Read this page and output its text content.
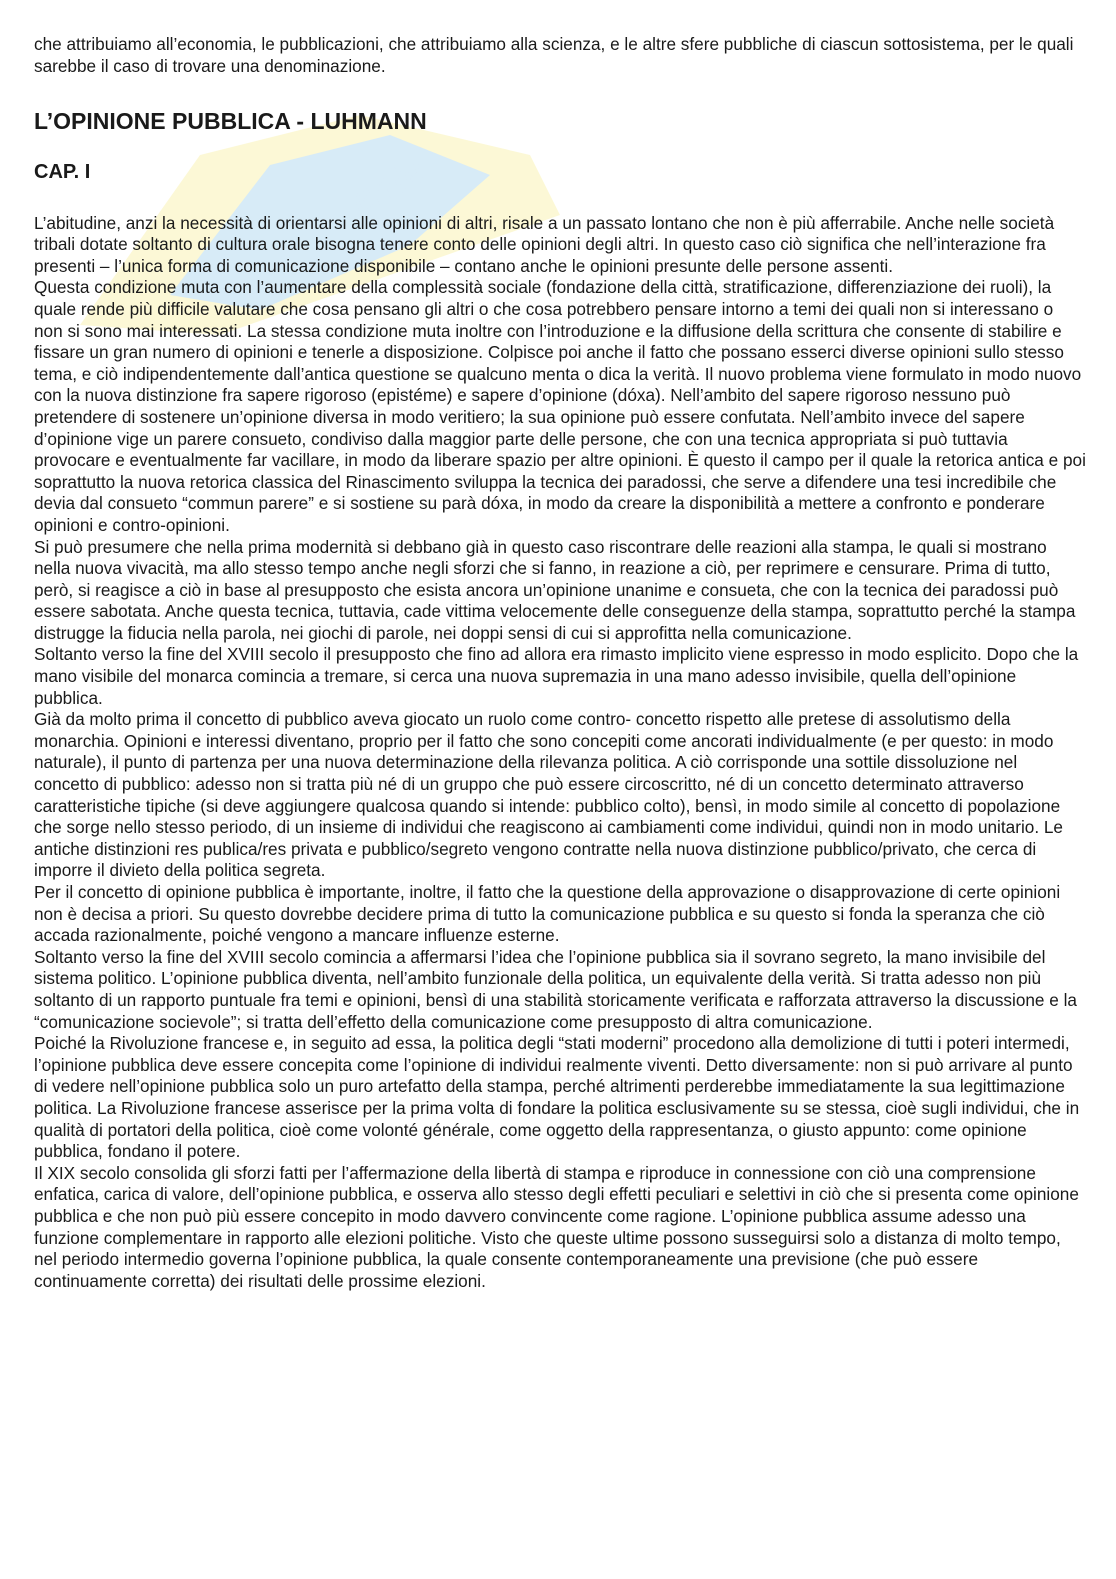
ente

che attribuiamo all’economia, le pubblicazioni, che attribuiamo alla scienza, e le altre sfere pubbliche di ciascun sottosistema, per le quali sarebbe il caso di trovare una denominazione.

L’OPINIONE PUBBLICA - LUHMANN
CAP. I

L’abitudine, anzi la necessità di orientarsi alle opinioni di altri, risale a un passato lontano che non è più afferrabile. Anche nelle società tribali dotate soltanto di cultura orale bisogna tenere conto delle opinioni degli altri. In questo caso ciò significa che nell’interazione fra presenti – l’unica forma di comunicazione disponibile – contano anche le opinioni presunte delle persone assenti.

Questa condizione muta con l’aumentare della complessità sociale (fondazione della città, stratificazione, differenziazione dei ruoli), la quale rende più difficile valutare che cosa pensano gli altri o che cosa potrebbero pensare intorno a temi dei quali non si interessano o non si sono mai interessati. La stessa condizione muta inoltre con l’introduzione e la diffusione della scrittura che consente di stabilire e fissare un gran numero di opinioni e tenerle a disposizione. Colpisce poi anche il fatto che possano esserci diverse opinioni sullo stesso tema, e ciò indipendentemente dall’antica questione se qualcuno menta o dica la verità. Il nuovo problema viene formulato in modo nuovo con la nuova distinzione fra sapere rigoroso (epistéme) e sapere d’opinione (dóxa). Nell’ambito del sapere rigoroso nessuno può pretendere di sostenere un’opinione diversa in modo veritiero; la sua opinione può essere confutata. Nell’ambito invece del sapere d’opinione vige un parere consueto, condiviso dalla maggior parte delle persone, che con una tecnica appropriata si può tuttavia provocare e eventualmente far vacillare, in modo da liberare spazio per altre opinioni. È questo il campo per il quale la retorica antica e poi soprattutto la nuova retorica classica del Rinascimento sviluppa la tecnica dei paradossi, che serve a difendere una tesi incredibile che devia dal consueto “commun parere” e si sostiene su parà dóxa, in modo da creare la disponibilità a mettere a confronto e ponderare opinioni e contro-opinioni.

Si può presumere che nella prima modernità si debbano già in questo caso riscontrare delle reazioni alla stampa, le quali si mostrano nella nuova vivacità, ma allo stesso tempo anche negli sforzi che si fanno, in reazione a ciò, per reprimere e censurare. Prima di tutto, però, si reagisce a ciò in base al presupposto che esista ancora un’opinione unanime e consueta, che con la tecnica dei paradossi può essere sabotata. Anche questa tecnica, tuttavia, cade vittima velocemente delle conseguenze della stampa, soprattutto perché la stampa distrugge la fiducia nella parola, nei giochi di parole, nei doppi sensi di cui si approfitta nella comunicazione.

Soltanto verso la fine del XVIII secolo il presupposto che fino ad allora era rimasto implicito viene espresso in modo esplicito. Dopo che la mano visibile del monarca comincia a tremare, si cerca una nuova supremazia in una mano adesso invisibile, quella dell’opinione pubblica.

Già da molto prima il concetto di pubblico aveva giocato un ruolo come contro- concetto rispetto alle pretese di assolutismo della monarchia. Opinioni e interessi diventano, proprio per il fatto che sono concepiti come ancorati individualmente (e per questo: in modo naturale), il punto di partenza per una nuova determinazione della rilevanza politica. A ciò corrisponde una sottile dissoluzione nel concetto di pubblico: adesso non si tratta più né di un gruppo che può essere circoscritto, né di un concetto determinato attraverso caratteristiche tipiche (si deve aggiungere qualcosa quando si intende: pubblico colto), bensì, in modo simile al concetto di popolazione che sorge nello stesso periodo, di un insieme di individui che reagiscono ai cambiamenti come individui, quindi non in modo unitario. Le antiche distinzioni res publica/res privata e pubblico/segreto vengono contratte nella nuova distinzione pubblico/privato, che cerca di imporre il divieto della politica segreta.

Per il concetto di opinione pubblica è importante, inoltre, il fatto che la questione della approvazione o disapprovazione di certe opinioni non è decisa a priori. Su questo dovrebbe decidere prima di tutto la comunicazione pubblica e su questo si fonda la speranza che ciò accada razionalmente, poiché vengono a mancare influenze esterne.

Soltanto verso la fine del XVIII secolo comincia a affermarsi l’idea che l’opinione pubblica sia il sovrano segreto, la mano invisibile del sistema politico. L’opinione pubblica diventa, nell’ambito funzionale della politica, un equivalente della verità. Si tratta adesso non più soltanto di un rapporto puntuale fra temi e opinioni, bensì di una stabilità storicamente verificata e rafforzata attraverso la discussione e la “comunicazione socievole”; si tratta dell’effetto della comunicazione come presupposto di altra comunicazione.

Poiché la Rivoluzione francese e, in seguito ad essa, la politica degli “stati moderni” procedono alla demolizione di tutti i poteri intermedi, l’opinione pubblica deve essere concepita come l’opinione di individui realmente viventi. Detto diversamente: non si può arrivare al punto di vedere nell’opinione pubblica solo un puro artefatto della stampa, perché altrimenti perderebbe immediatamente la sua legittimazione politica. La Rivoluzione francese asserisce per la prima volta di fondare la politica esclusivamente su se stessa, cioè sugli individui, che in qualità di portatori della politica, cioè come volonté générale, come oggetto della rappresentanza, o giusto appunto: come opinione pubblica, fondano il potere.

Il XIX secolo consolida gli sforzi fatti per l’affermazione della libertà di stampa e riproduce in connessione con ciò una comprensione enfatica, carica di valore, dell’opinione pubblica, e osserva allo stesso degli effetti peculiari e selettivi in ciò che si presenta come opinione pubblica e che non può più essere concepito in modo davvero convincente come ragione. L’opinione pubblica assume adesso una funzione complementare in rapporto alle elezioni politiche. Visto che queste ultime possono susseguirsi solo a distanza di molto tempo, nel periodo intermedio governa l’opinione pubblica, la quale consente contemporaneamente una previsione (che può essere continuamente corretta) dei risultati delle prossime elezioni.
